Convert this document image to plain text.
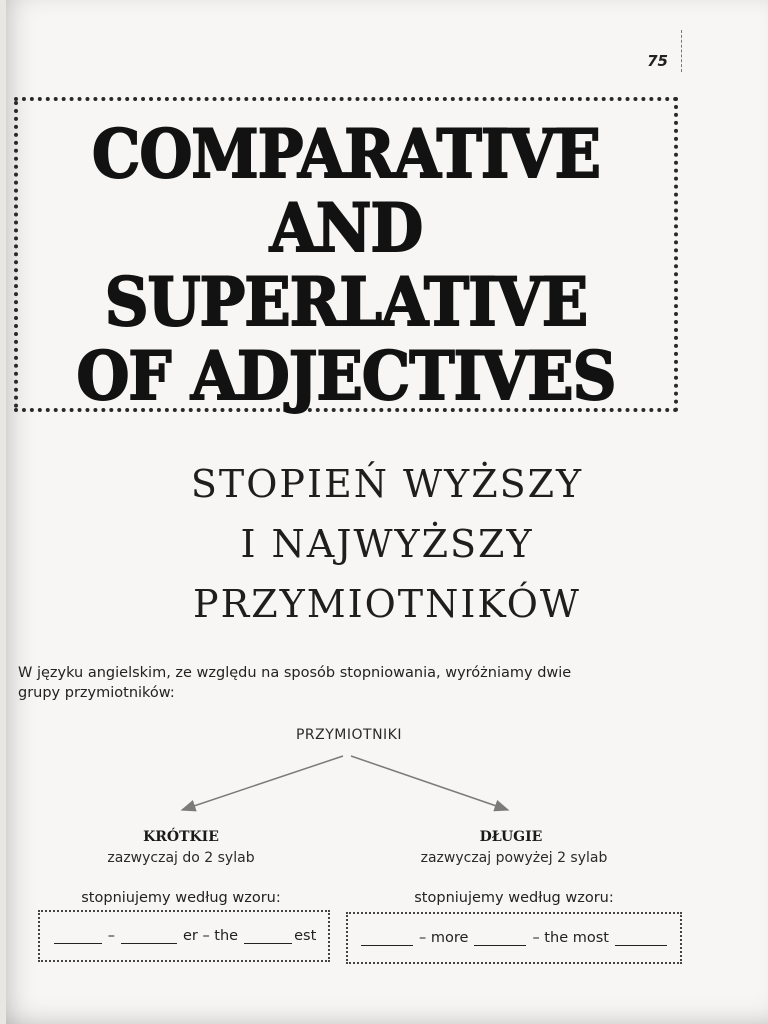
75
COMPARATIVE
AND
SUPERLATIVE
OF ADJECTIVES
STOPIEŃ WYŻSZY
I NAJWYŻSZY
PRZYMIOTNIKÓW
W języku angielskim, ze względu na sposób stopniowania, wyróżniamy dwie
grupy przymiotników:
PRZYMIOTNIKI
KRÓTKIE
zazwyczaj do 2 sylab
stopniujemy według wzoru:
–	er – the	est
DŁUGIE
zazwyczaj powyżej 2 sylab
stopniujemy według wzoru:
– more	– the most
